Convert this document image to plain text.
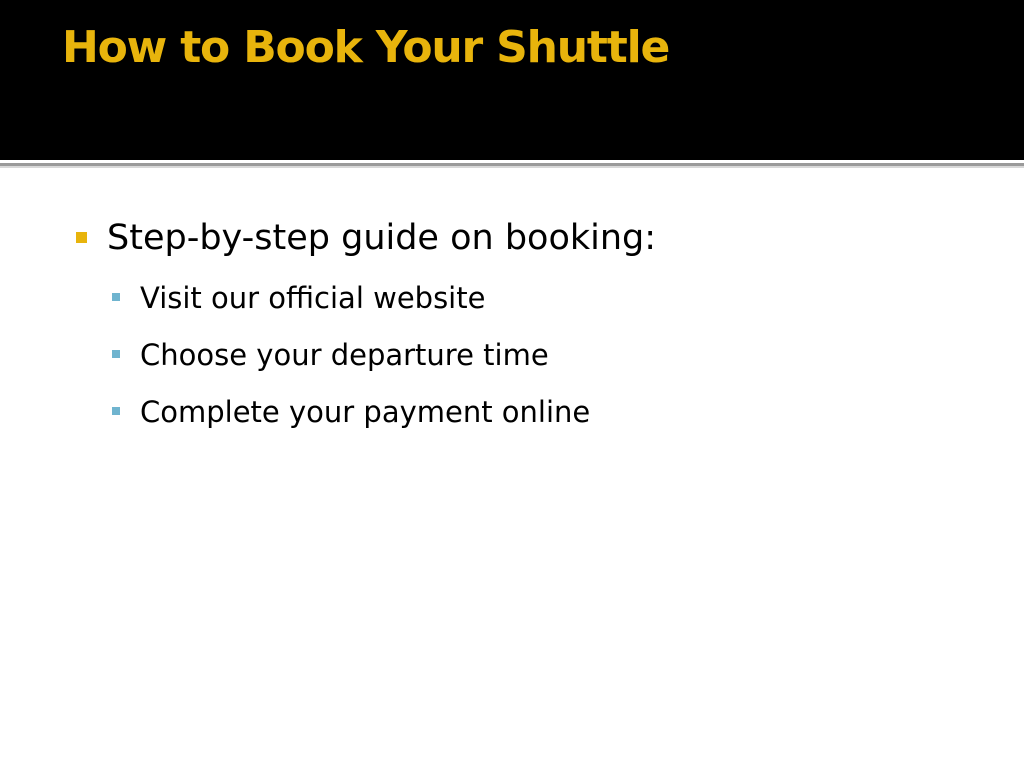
How to Book Your Shuttle
Step-by-step guide on booking:
Visit our official website
Choose your departure time
Complete your payment online
